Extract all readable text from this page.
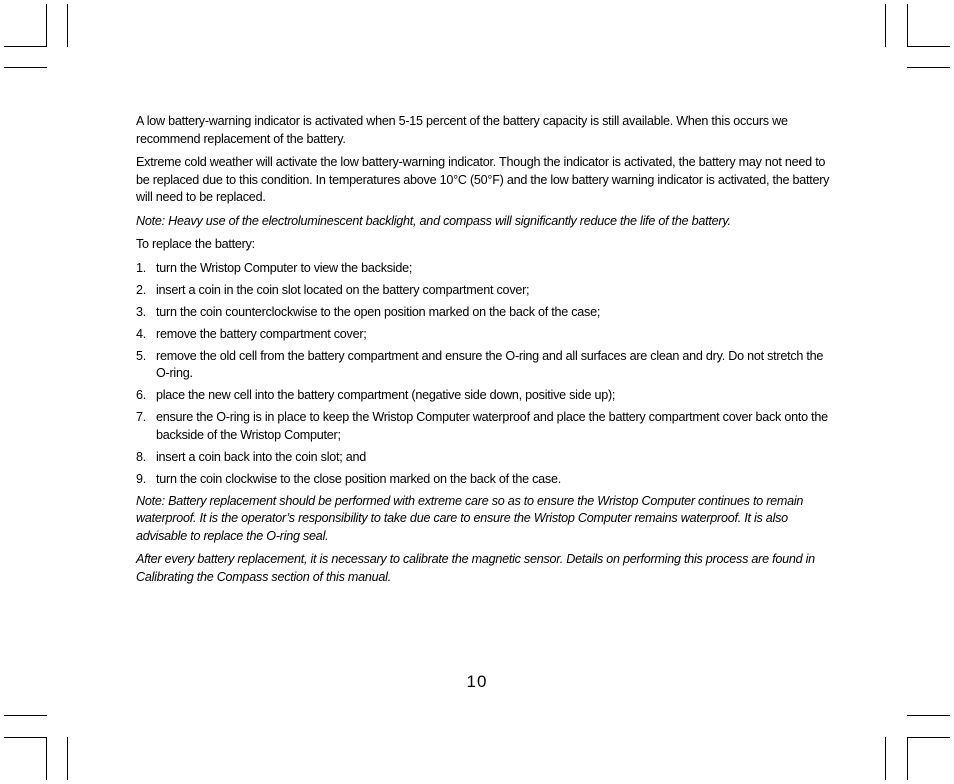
A low battery-warning indicator is activated when 5-15 percent of the battery capacity is still available. When this occurs we recommend replacement of the battery.

Extreme cold weather will activate the low battery-warning indicator. Though the indicator is activated, the battery may not need to be replaced due to this condition. In temperatures above 10°C (50°F) and the low battery warning indicator is activated, the battery will need to be replaced.

Note: Heavy use of the electroluminescent backlight, and compass will significantly reduce the life of the battery.

To replace the battery:

1. turn the Wristop Computer to view the backside;
2. insert a coin in the coin slot located on the battery compartment cover;
3. turn the coin counterclockwise to the open position marked on the back of the case;
4. remove the battery compartment cover;
5. remove the old cell from the battery compartment and ensure the O-ring and all surfaces are clean and dry. Do not stretch the O-ring.
6. place the new cell into the battery compartment (negative side down, positive side up);
7. ensure the O-ring is in place to keep the Wristop Computer waterproof and place the battery compartment cover back onto the backside of the Wristop Computer;
8. insert a coin back into the coin slot; and
9. turn the coin clockwise to the close position marked on the back of the case.

Note: Battery replacement should be performed with extreme care so as to ensure the Wristop Computer continues to remain waterproof. It is the operator’s responsibility to take due care to ensure the Wristop Computer remains waterproof. It is also advisable to replace the O-ring seal.

After every battery replacement, it is necessary to calibrate the magnetic sensor. Details on performing this process are found in Calibrating the Compass section of this manual.

10
